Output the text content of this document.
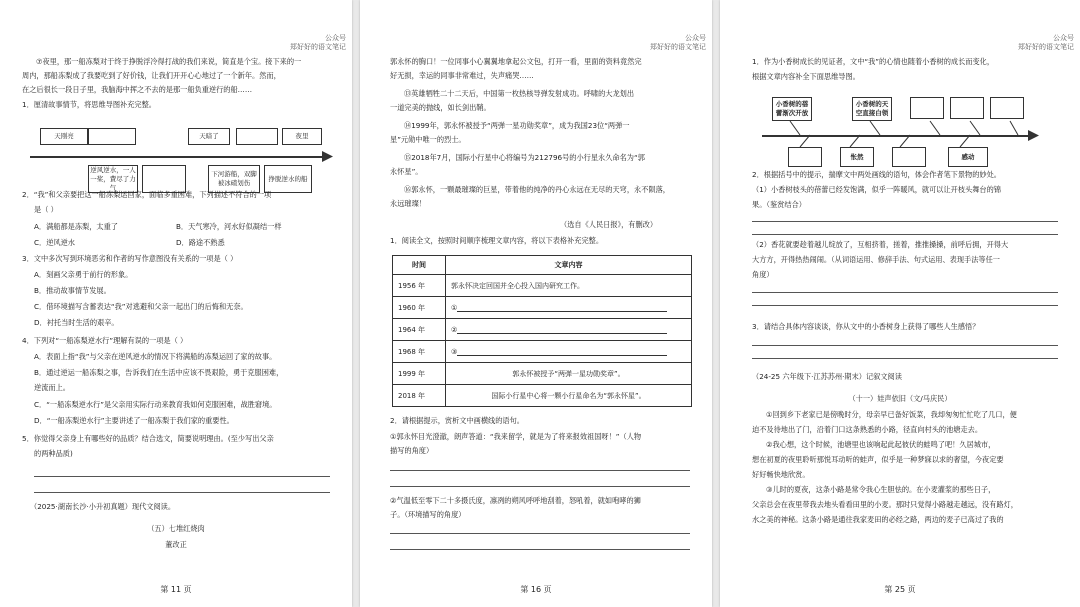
公众号
郑好好的语文笔记
⑦夜里，那一船冻梨对于终于挣脱浮冷得打战的我们来说，简直是个宝。接下来的一
周内，那船冻梨成了我要吃到了好价钱，让我们开开心心地过了一个新年。然而，
在之后很长一段日子里，我脑海中挥之不去的是那一船负重逆行的船……
1．厘清故事情节，将思维导图补充完整。
天刚亮	天暗了	夜里
逆风逆水，一人一桨，費尽了力气
下河游船，双脚被冰碴划伤
挣脱逆水的船
2．“我”和父亲要把这一船冻梨运回家，面临多重困难，下列描述不符合的一项
是（ ）
A．满船都是冻梨，太重了	B．天气寒冷，河水好似凝结一样
C．逆风逆水	D．路途不熟悉
3．文中多次写到环境恶劣和作者的写作意图没有关系的一项是（ ）
A．刻画父亲勇于前行的形象。
B．推动故事情节发展。
C．借环境描写含蓄表达“我”对逃避和父亲一起出门的后悔和无奈。
D．衬托当时生活的艰辛。
4．下列对“一船冻梨逆水行”理解有误的一项是（ ）
A．表面上指“我”与父亲在逆风逆水的情况下将满船的冻梨运回了家的故事。
B．通过逆运一船冻梨之事，告诉我们在生活中应该不畏艰险，勇于克服困难，
逆流而上。
C．“一船冻梨逆水行”是父亲用实际行动来教育我如何克服困难，战胜窘境。
D．“一船冻梨逆水行”主要讲述了一船冻梨于我们家的重要性。
5．你觉得父亲身上有哪些好的品质？结合选文，简要说明理由。(至少写出父亲
的两种品质)
（2025·湖南长沙·小升初真题）现代文阅读。
（五）七堆红烧肉
董改正
第 11 页
公众号
郑好好的语文笔记
郭永怀的胸口！一位同事小心翼翼地拿起公文包，打开一看，里面的资料竟然完
好无损，幸运的同事非常难过，失声痛哭……
⑬英雄牺牲二十二天后，中国第一枚热核导弹发射成功。呼啸的大龙划出
一道完美的抛线，如长剑出鞘。
⑭1999年，郭永怀被授予“两弹一星功勋奖章”，成为我国23位“两弹一
星”元勋中唯一的烈士。
⑮2018年7月，国际小行星中心将编号为212796号的小行星永久命名为“郭
永怀星”。
⑯郭永怀，一颗最璀璨的巨星，带着他的纯净的丹心永远在无尽的天穹，永不陨落，
永远璀璨！
（选自《人民日报》，有删改）
1．阅读全文，按照时间顺序梳理文章内容，将以下表格补充完整。
时间	文章内容
1956 年	郭永怀决定回国并全心投入国内研究工作。
1960 年	①
1964 年	②
1968 年	③
1999 年	郭永怀被授予“两弹一星功勋奖章”。
2018 年	国际小行星中心将一颗小行星命名为“郭永怀星”。
2．请根据提示，赏析文中画横线的语句。
①郭永怀目光澄澈，朗声答道：“我来留学，就是为了将来报效祖国呀！”（人物
描写的角度）
②气温低至零下二十多摄氏度，凛冽的朔风呼呼地刮着，怒吼着，就如咆哮的狮
子。（环境描写的角度）
第 16 页
公众号
郑好好的语文笔记
1．作为小香树成长的见证者，文中“我”的心情也随着小香树的成长而变化，
根据文章内容补全下面思维导图。
小香树的蓓蕾渐次开放
小香树的天空直接白领
怅然	感动
2．根据括号中的提示，揣摩文中两处画线的语句，体会作者笔下景物的妙处。
（1）小香树枝头的蓓蕾已经发饱满，似乎一阵暖风，就可以让开枝头舞台的锦
果。（鉴赏结合）
（2）香花就要趁着越儿绽放了，互相挤着，搓着，推推搡搡，前呼后拥，开得大
大方方，开得热热闹闹。（从词语运用、修辞手法、句式运用、表现手法等任一
角度）
3．请结合具体内容谈谈，你从文中的小香树身上获得了哪些人生感悟？
（24-25 六年级下·江苏苏州·期末）记叙文阅读
（十一）娃声依旧（文/马庆民）
①回到乡下老家已是傍晚时分，母亲早已备好饭菜，我却匆匆忙忙吃了几口，便
迫不及待地出了门，沿着门口这条熟悉的小路，径直向村头的池塘走去。
②我心想，这个时候，池塘里也该响起此起彼伏的蛙鸣了吧！久居城市，
想在初夏的夜里聆听那悦耳动听的蛙声，似乎是一种梦寐以求的奢望，今夜定要
好好畅快地欣赏。
③儿时的夏夜，这条小路是常令我心生胆怯的。在小麦灌浆的那些日子，
父亲总会在夜里带我去地头看看田里的小麦。那时只觉得小路越走越远，没有路灯，
水之美的神秘。这条小路是通往我家麦田的必经之路，两边的麦子已高过了我的
第 25 页
